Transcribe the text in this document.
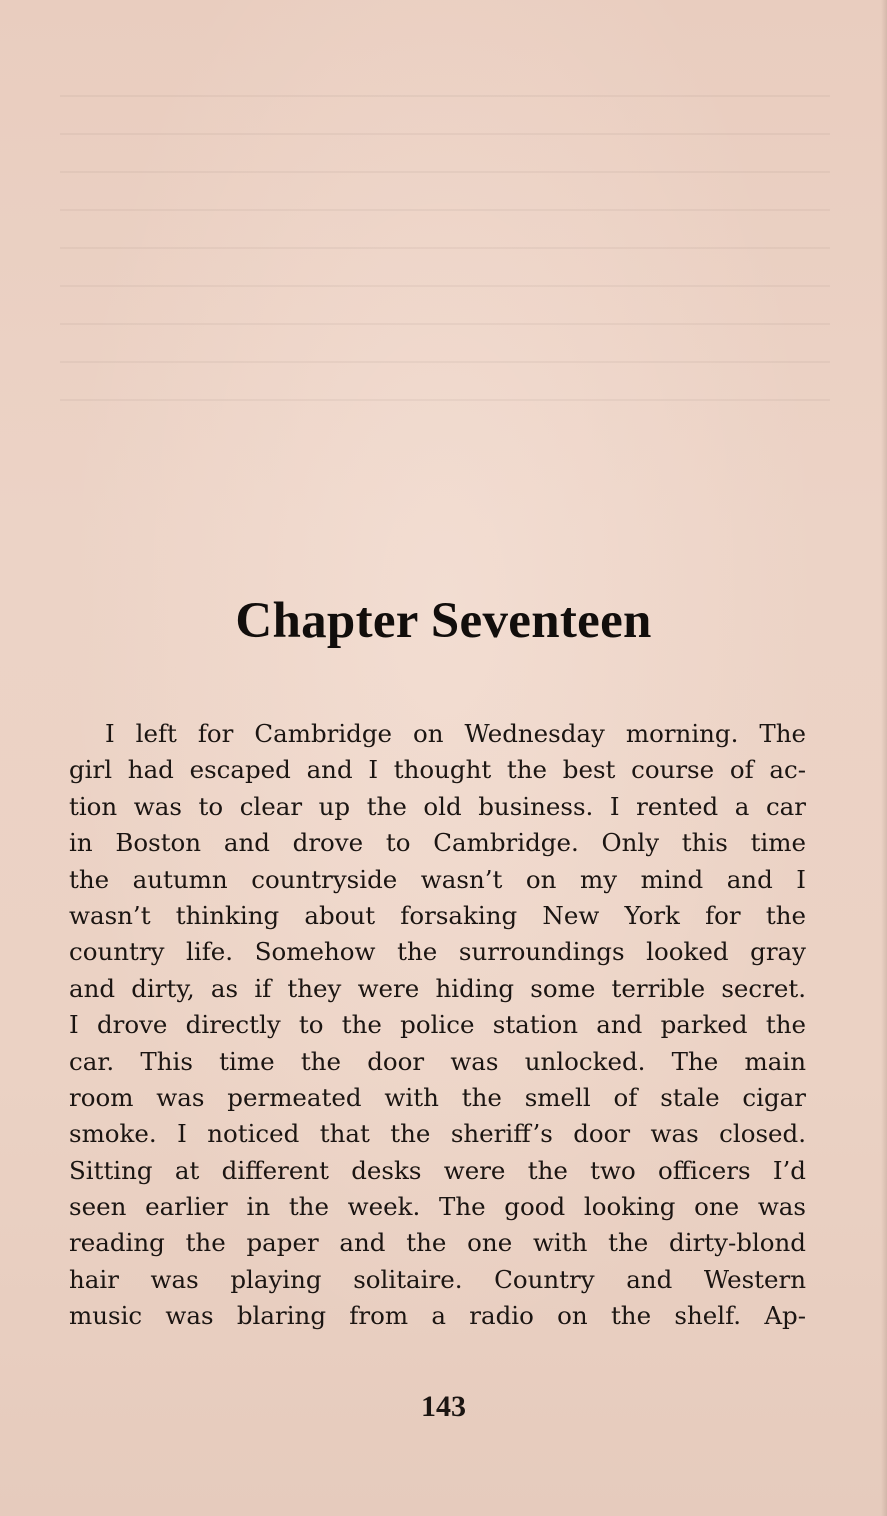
Chapter Seventeen
I left for Cambridge on Wednesday morning. The
girl had escaped and I thought the best course of ac-
tion was to clear up the old business. I rented a car
in Boston and drove to Cambridge. Only this time
the autumn countryside wasn’t on my mind and I
wasn’t thinking about forsaking New York for the
country life. Somehow the surroundings looked gray
and dirty, as if they were hiding some terrible secret.
I drove directly to the police station and parked the
car. This time the door was unlocked. The main
room was permeated with the smell of stale cigar
smoke. I noticed that the sheriff’s door was closed.
Sitting at different desks were the two officers I’d
seen earlier in the week. The good looking one was
reading the paper and the one with the dirty-blond
hair was playing solitaire. Country and Western
music was blaring from a radio on the shelf. Ap-
143
